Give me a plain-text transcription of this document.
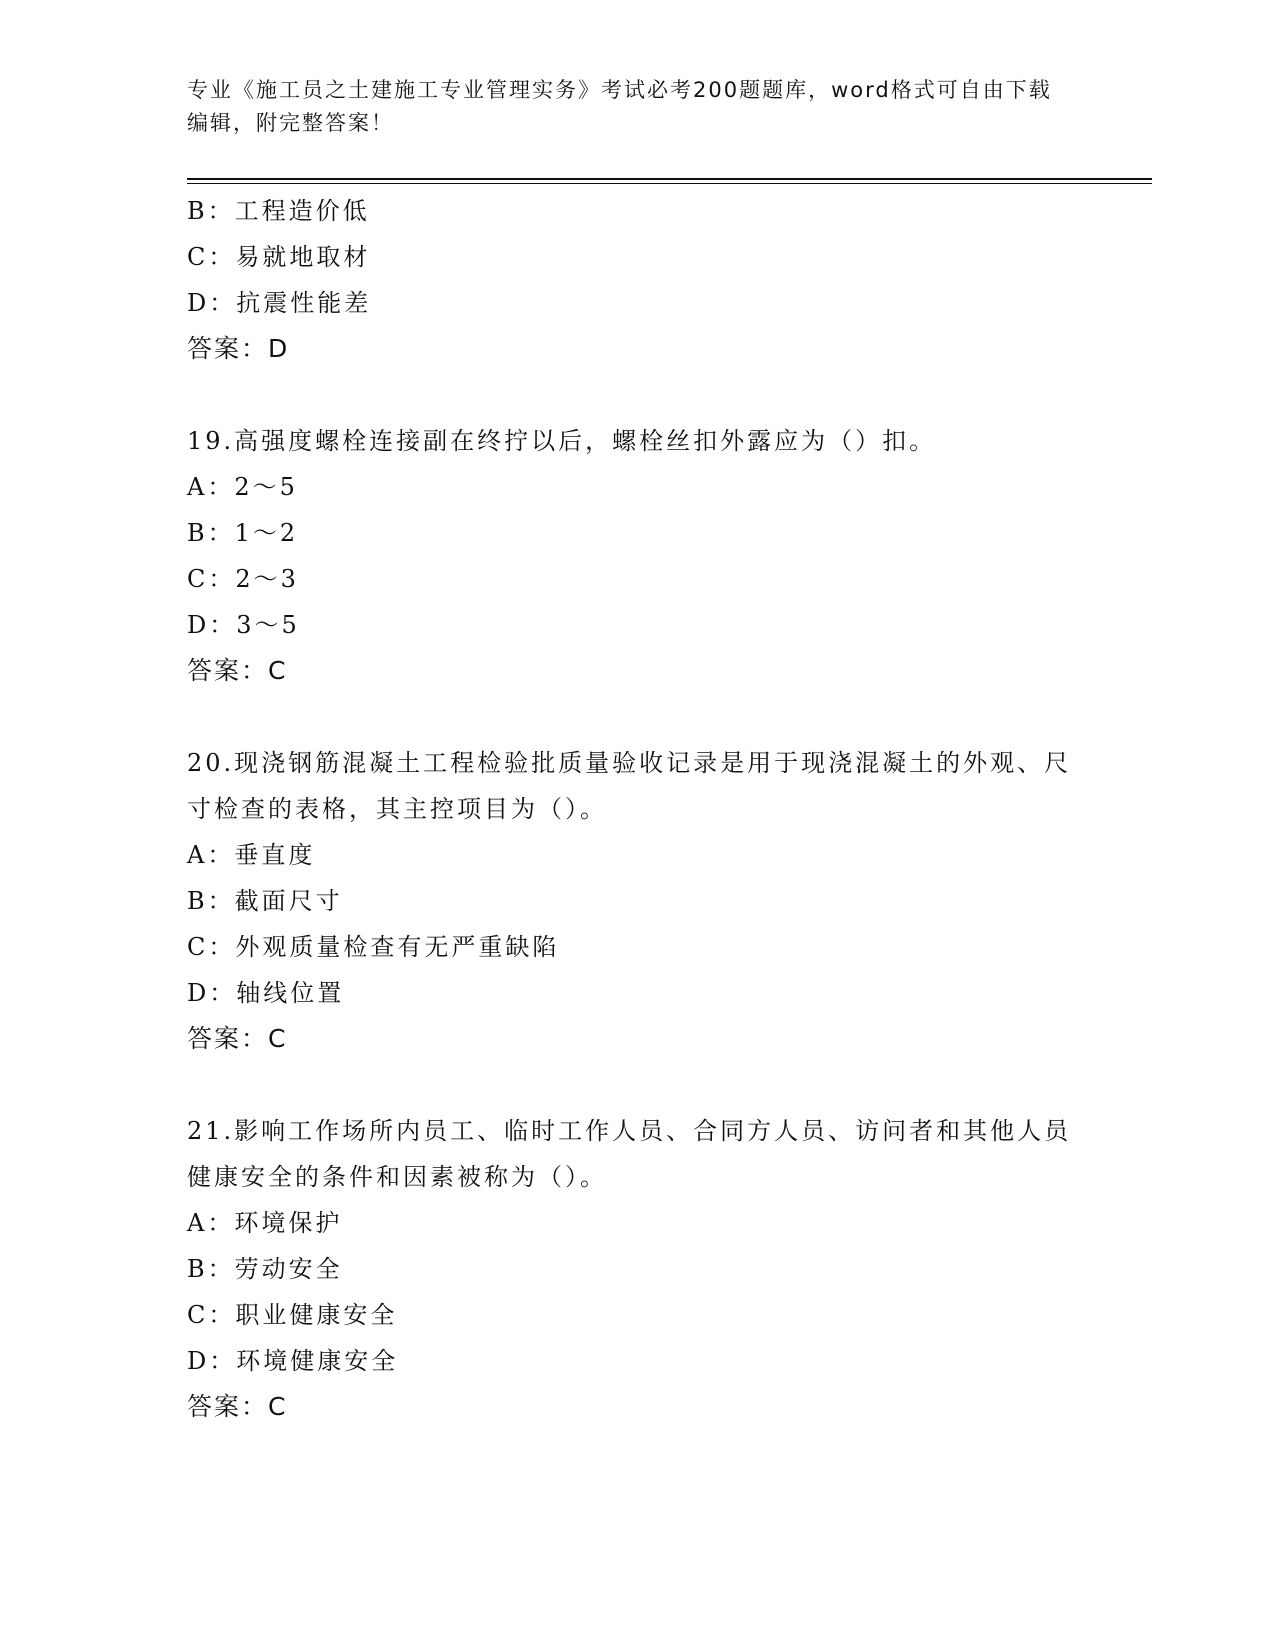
专业《施工员之土建施工专业管理实务》考试必考200题题库，word格式可自由下载编辑，附完整答案！
B：工程造价低
C：易就地取材
D：抗震性能差
答案：D
19.高强度螺栓连接副在终拧以后，螺栓丝扣外露应为（）扣。
A：2～5
B：1～2
C：2～3
D：3～5
答案：C
20.现浇钢筋混凝土工程检验批质量验收记录是用于现浇混凝土的外观、尺寸检查的表格，其主控项目为（）。
A：垂直度
B：截面尺寸
C：外观质量检查有无严重缺陷
D：轴线位置
答案：C
21.影响工作场所内员工、临时工作人员、合同方人员、访问者和其他人员健康安全的条件和因素被称为（）。
A：环境保护
B：劳动安全
C：职业健康安全
D：环境健康安全
答案：C
